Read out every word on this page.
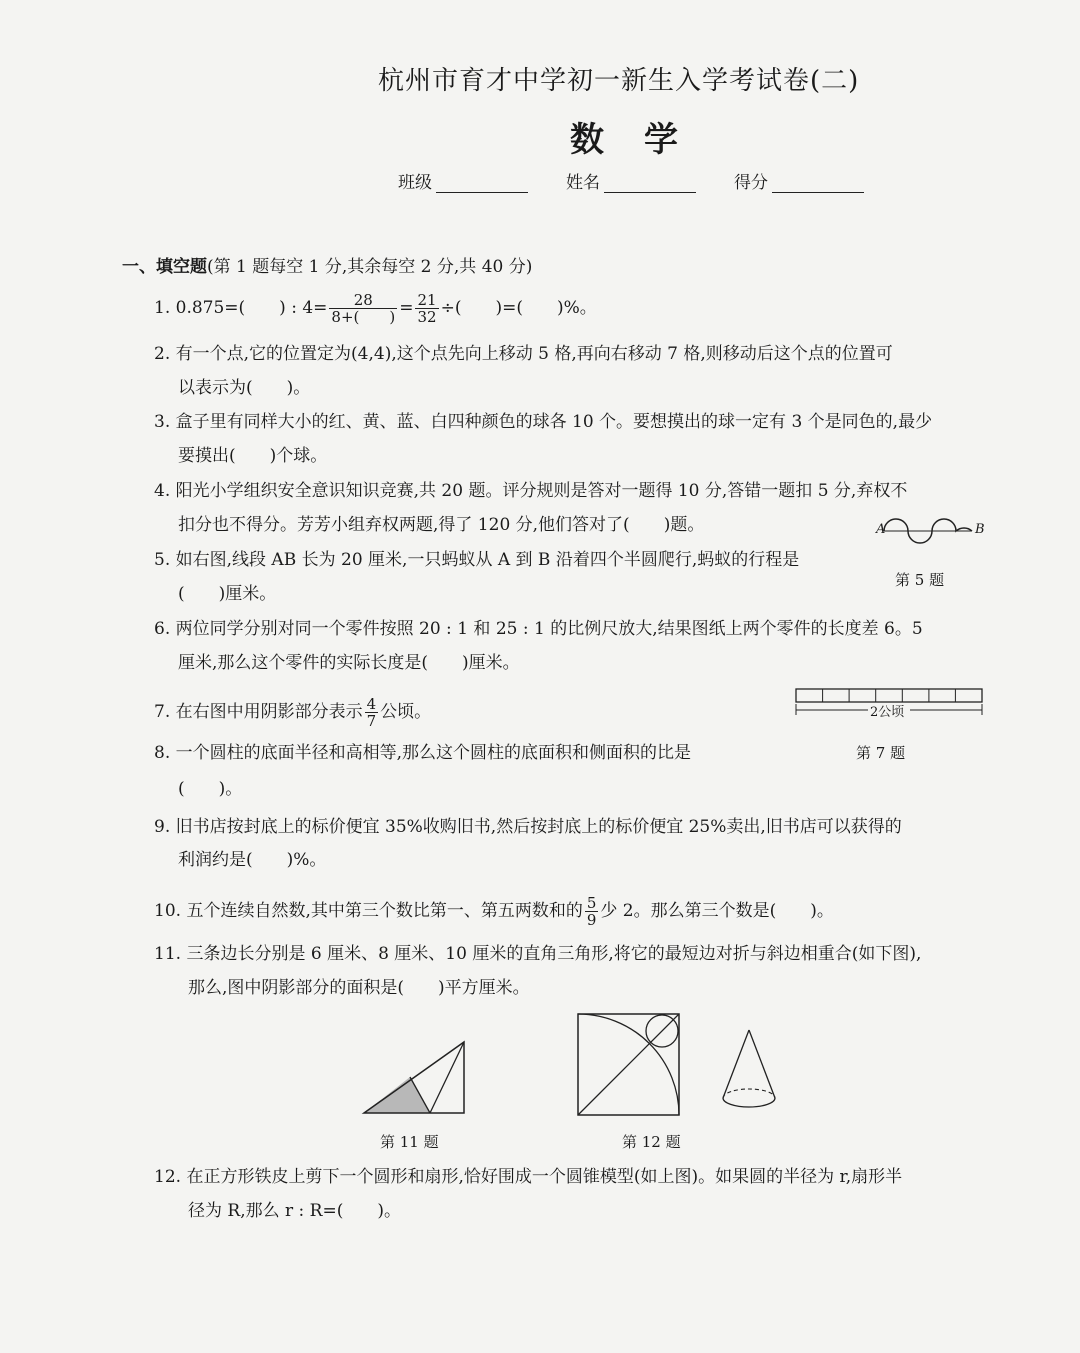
杭州市育才中学初一新生入学考试卷(二)
数学
班级	姓名	得分
一、填空题(第 1 题每空 1 分,其余每空 2 分,共 40 分)
1. 0.875=(　　) : $4= \frac{28}{8+( )} = \frac{21}{32}$ ÷(　　)=(　　)%。
2. 有一个点,它的位置定为(4,4),这个点先向上移动 5 格,再向右移动 7 格,则移动后这个点的位置可
以表示为(　　)。
3. 盒子里有同样大小的红、黄、蓝、白四种颜色的球各 10 个。要想摸出的球一定有 3 个是同色的,最少
要摸出(　　)个球。
4. 阳光小学组织安全意识知识竞赛,共 20 题。评分规则是答对一题得 10 分,答错一题扣 5 分,弃权不
扣分也不得分。芳芳小组弃权两题,得了 120 分,他们答对了(　　)题。	A	B
第 5 题
5. 如右图,线段 AB 长为 20 厘米,一只蚂蚁从 A 到 B 沿着四个半圆爬行,蚂蚁的行程是
(　　)厘米。
6. 两位同学分别对同一个零件按照 20 : 1 和 25 : 1 的比例尺放大,结果图纸上两个零件的长度差 6。5
厘米,那么这个零件的实际长度是(　　)厘米。
7. 在右图中用阴影部分表示 $\frac{4}{7}$ 公顷。	2公顷
第 7 题
8. 一个圆柱的底面半径和高相等,那么这个圆柱的底面积和侧面积的比是
(　　)。
9. 旧书店按封底上的标价便宜 35%收购旧书,然后按封底上的标价便宜 25%卖出,旧书店可以获得的
利润约是(　　)%。
10. 五个连续自然数,其中第三个数比第一、第五两数和的 $\frac{5}{9}$ 少 2。那么第三个数是(　　)。
11. 三条边长分别是 6 厘米、8 厘米、10 厘米的直角三角形,将它的最短边对折与斜边相重合(如下图),
那么,图中阴影部分的面积是(　　)平方厘米。
第 11 题	第 12 题
12. 在正方形铁皮上剪下一个圆形和扇形,恰好围成一个圆锥模型(如上图)。如果圆的半径为 r,扇形半
径为 R,那么 r : R=(　　)。
